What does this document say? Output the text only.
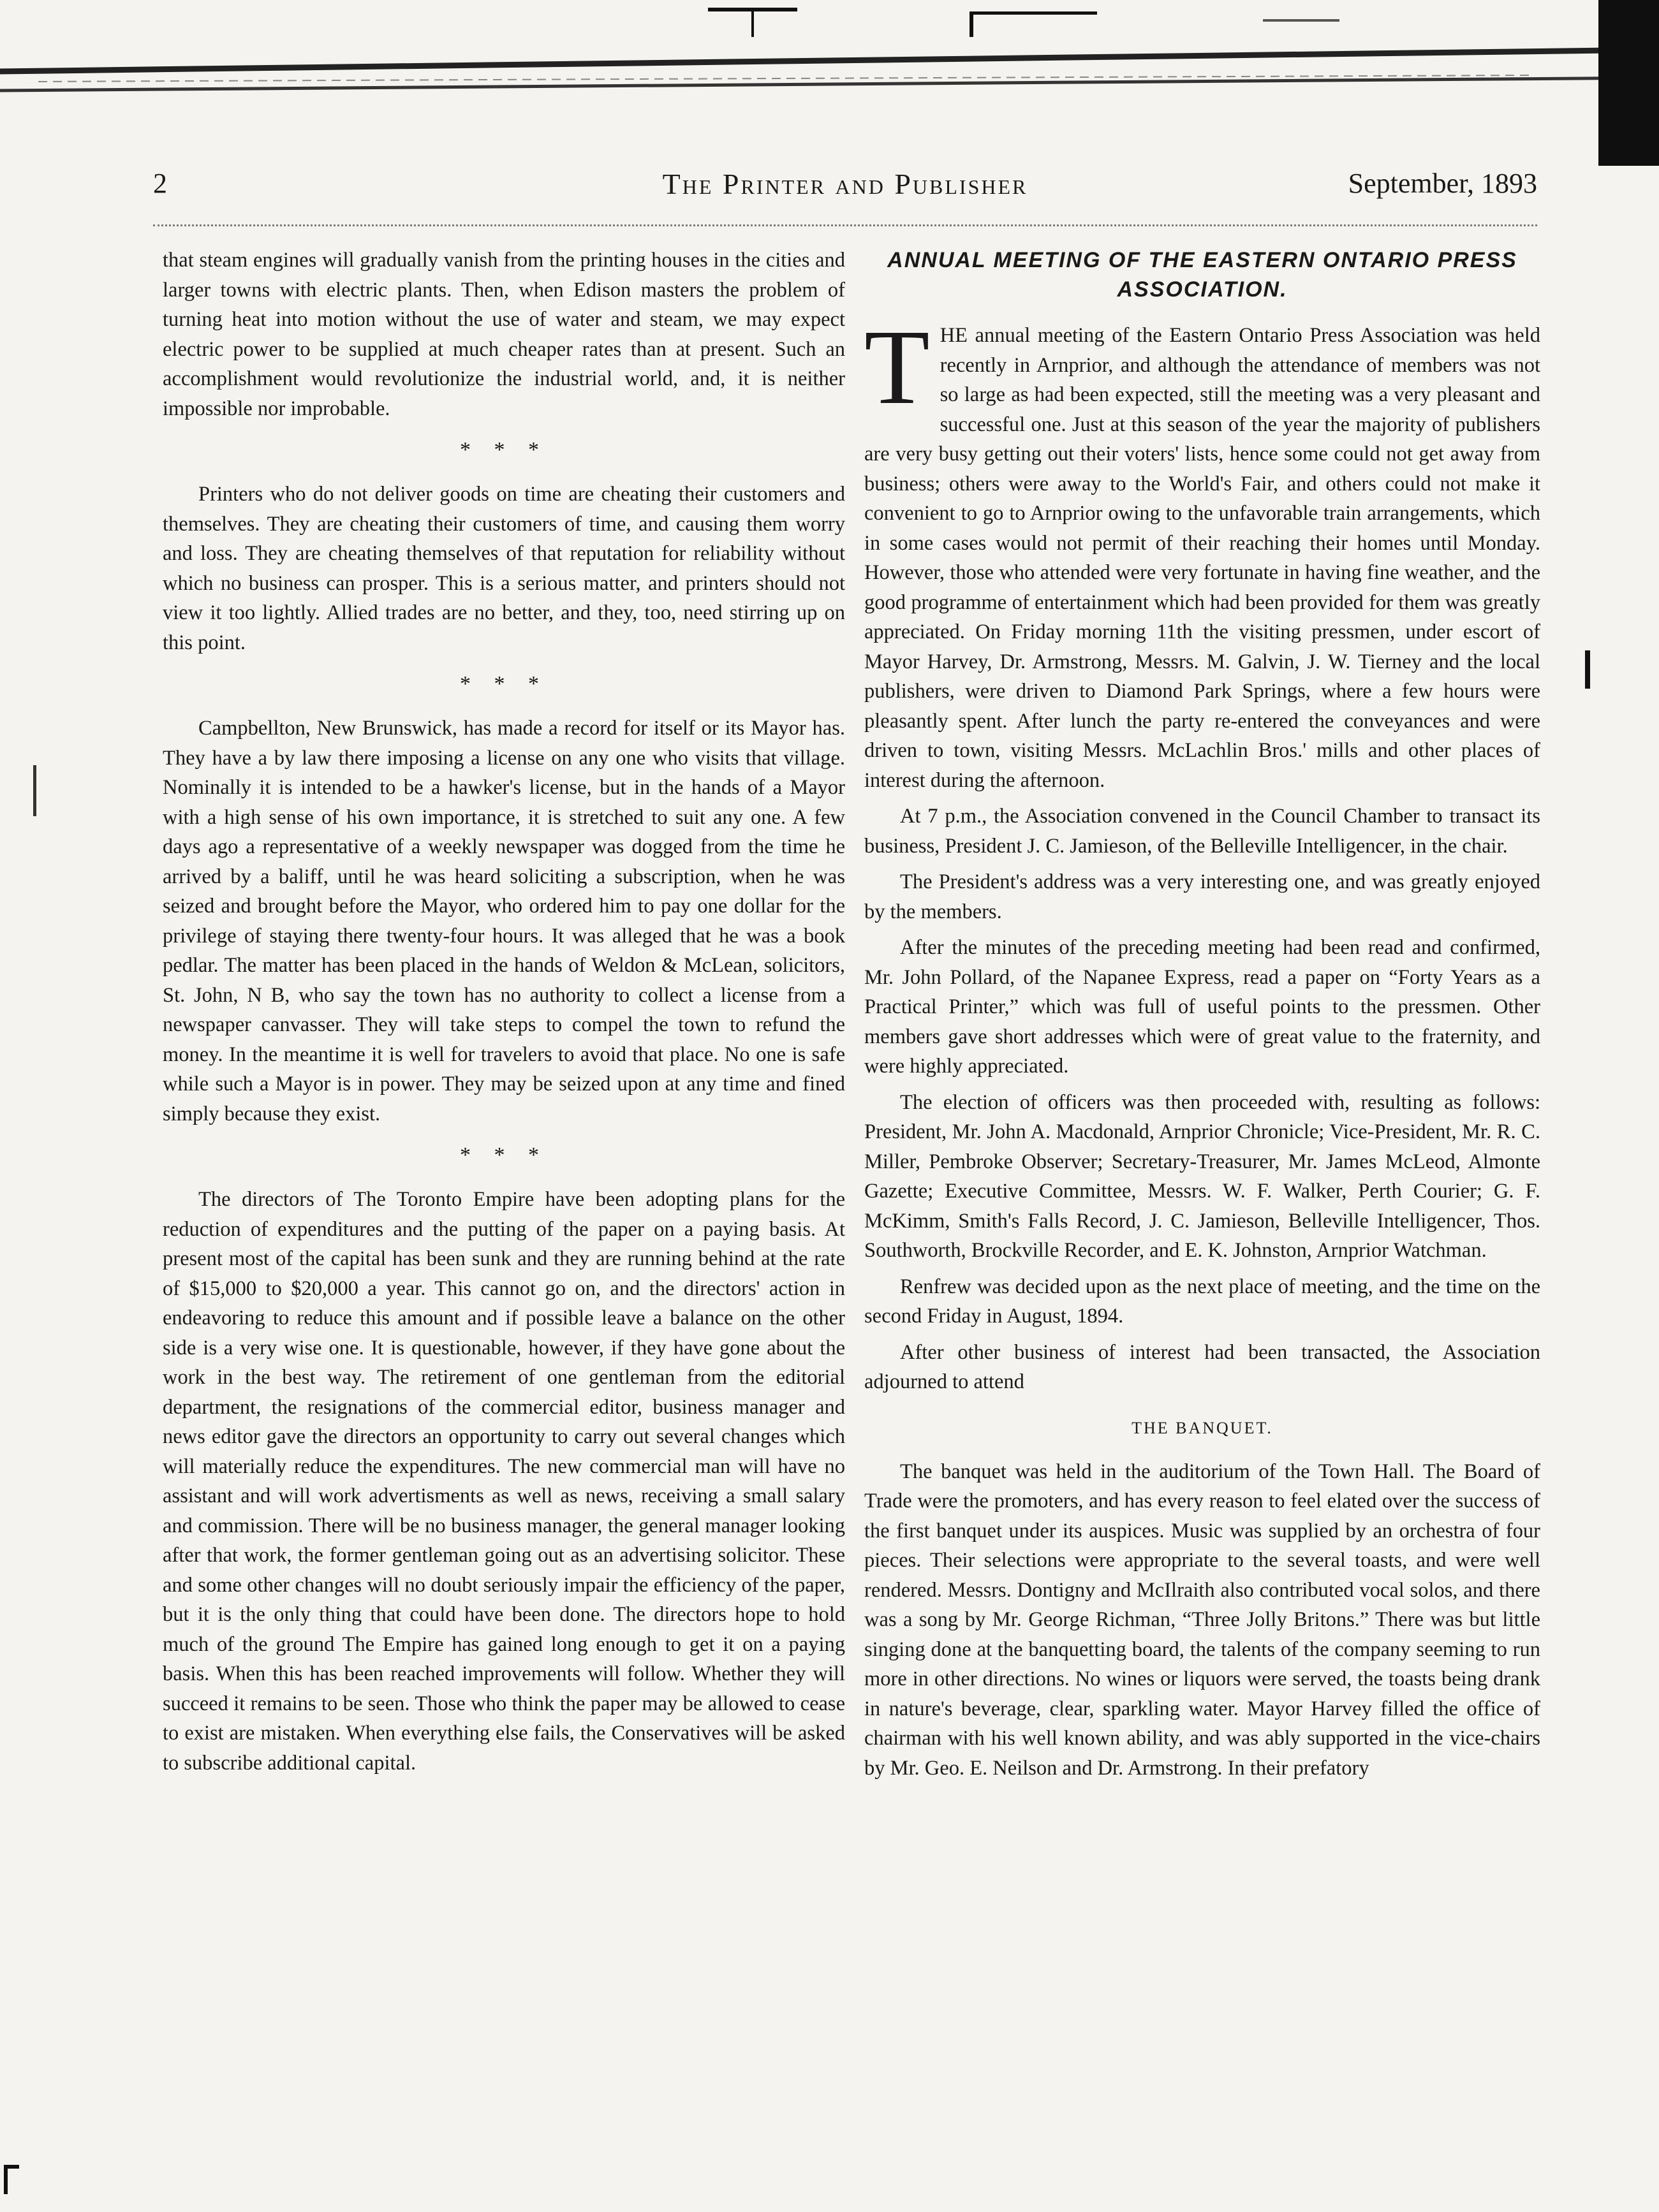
2	The Printer and Publisher	September, 1893

that steam engines will gradually vanish from the printing houses in the cities and larger towns with electric plants. Then, when Edison masters the problem of turning heat into motion without the use of water and steam, we may expect electric power to be supplied at much cheaper rates than at present. Such an accomplishment would revolutionize the industrial world, and, it is neither impossible nor improbable.

* * *

Printers who do not deliver goods on time are cheating their customers and themselves. They are cheating their customers of time, and causing them worry and loss. They are cheating themselves of that reputation for reliability without which no business can prosper. This is a serious matter, and printers should not view it too lightly. Allied trades are no better, and they, too, need stirring up on this point.

* * *

Campbellton, New Brunswick, has made a record for itself or its Mayor has. They have a by law there imposing a license on any one who visits that village. Nominally it is intended to be a hawker's license, but in the hands of a Mayor with a high sense of his own importance, it is stretched to suit any one. A few days ago a representative of a weekly newspaper was dogged from the time he arrived by a baliff, until he was heard soliciting a subscription, when he was seized and brought before the Mayor, who ordered him to pay one dollar for the privilege of staying there twenty-four hours. It was alleged that he was a book pedlar. The matter has been placed in the hands of Weldon & McLean, solicitors, St. John, N B, who say the town has no authority to collect a license from a newspaper canvasser. They will take steps to compel the town to refund the money. In the meantime it is well for travelers to avoid that place. No one is safe while such a Mayor is in power. They may be seized upon at any time and fined simply because they exist.

* * *

The directors of The Toronto Empire have been adopting plans for the reduction of expenditures and the putting of the paper on a paying basis. At present most of the capital has been sunk and they are running behind at the rate of $15,000 to $20,000 a year. This cannot go on, and the directors' action in endeavoring to reduce this amount and if possible leave a balance on the other side is a very wise one. It is questionable, however, if they have gone about the work in the best way. The retirement of one gentleman from the editorial department, the resignations of the commercial editor, business manager and news editor gave the directors an opportunity to carry out several changes which will materially reduce the expenditures. The new commercial man will have no assistant and will work advertisments as well as news, receiving a small salary and commission. There will be no business manager, the general manager looking after that work, the former gentleman going out as an advertising solicitor. These and some other changes will no doubt seriously impair the efficiency of the paper, but it is the only thing that could have been done. The directors hope to hold much of the ground The Empire has gained long enough to get it on a paying basis. When this has been reached improvements will follow. Whether they will succeed it remains to be seen. Those who think the paper may be allowed to cease to exist are mistaken. When everything else fails, the Conservatives will be asked to subscribe additional capital.

ANNUAL MEETING OF THE EASTERN ONTARIO PRESS ASSOCIATION.

THE annual meeting of the Eastern Ontario Press Association was held recently in Arnprior, and although the attendance of members was not so large as had been expected, still the meeting was a very pleasant and successful one. Just at this season of the year the majority of publishers are very busy getting out their voters' lists, hence some could not get away from business; others were away to the World's Fair, and others could not make it convenient to go to Arnprior owing to the unfavorable train arrangements, which in some cases would not permit of their reaching their homes until Monday. However, those who attended were very fortunate in having fine weather, and the good programme of entertainment which had been provided for them was greatly appreciated. On Friday morning 11th the visiting pressmen, under escort of Mayor Harvey, Dr. Armstrong, Messrs. M. Galvin, J. W. Tierney and the local publishers, were driven to Diamond Park Springs, where a few hours were pleasantly spent. After lunch the party re-entered the conveyances and were driven to town, visiting Messrs. McLachlin Bros.' mills and other places of interest during the afternoon.

At 7 p.m., the Association convened in the Council Chamber to transact its business, President J. C. Jamieson, of the Belleville Intelligencer, in the chair.

The President's address was a very interesting one, and was greatly enjoyed by the members.

After the minutes of the preceding meeting had been read and confirmed, Mr. John Pollard, of the Napanee Express, read a paper on “Forty Years as a Practical Printer,” which was full of useful points to the pressmen. Other members gave short addresses which were of great value to the fraternity, and were highly appreciated.

The election of officers was then proceeded with, resulting as follows: President, Mr. John A. Macdonald, Arnprior Chronicle; Vice-President, Mr. R. C. Miller, Pembroke Observer; Secretary-Treasurer, Mr. James McLeod, Almonte Gazette; Executive Committee, Messrs. W. F. Walker, Perth Courier; G. F. McKimm, Smith's Falls Record, J. C. Jamieson, Belleville Intelligencer, Thos. Southworth, Brockville Recorder, and E. K. Johnston, Arnprior Watchman.

Renfrew was decided upon as the next place of meeting, and the time on the second Friday in August, 1894.

After other business of interest had been transacted, the Association adjourned to attend

THE BANQUET.

The banquet was held in the auditorium of the Town Hall. The Board of Trade were the promoters, and has every reason to feel elated over the success of the first banquet under its auspices. Music was supplied by an orchestra of four pieces. Their selections were appropriate to the several toasts, and were well rendered. Messrs. Dontigny and McIlraith also contributed vocal solos, and there was a song by Mr. George Richman, “Three Jolly Britons.” There was but little singing done at the banquetting board, the talents of the company seeming to run more in other directions. No wines or liquors were served, the toasts being drank in nature's beverage, clear, sparkling water. Mayor Harvey filled the office of chairman with his well known ability, and was ably supported in the vice-chairs by Mr. Geo. E. Neilson and Dr. Armstrong. In their prefatory
